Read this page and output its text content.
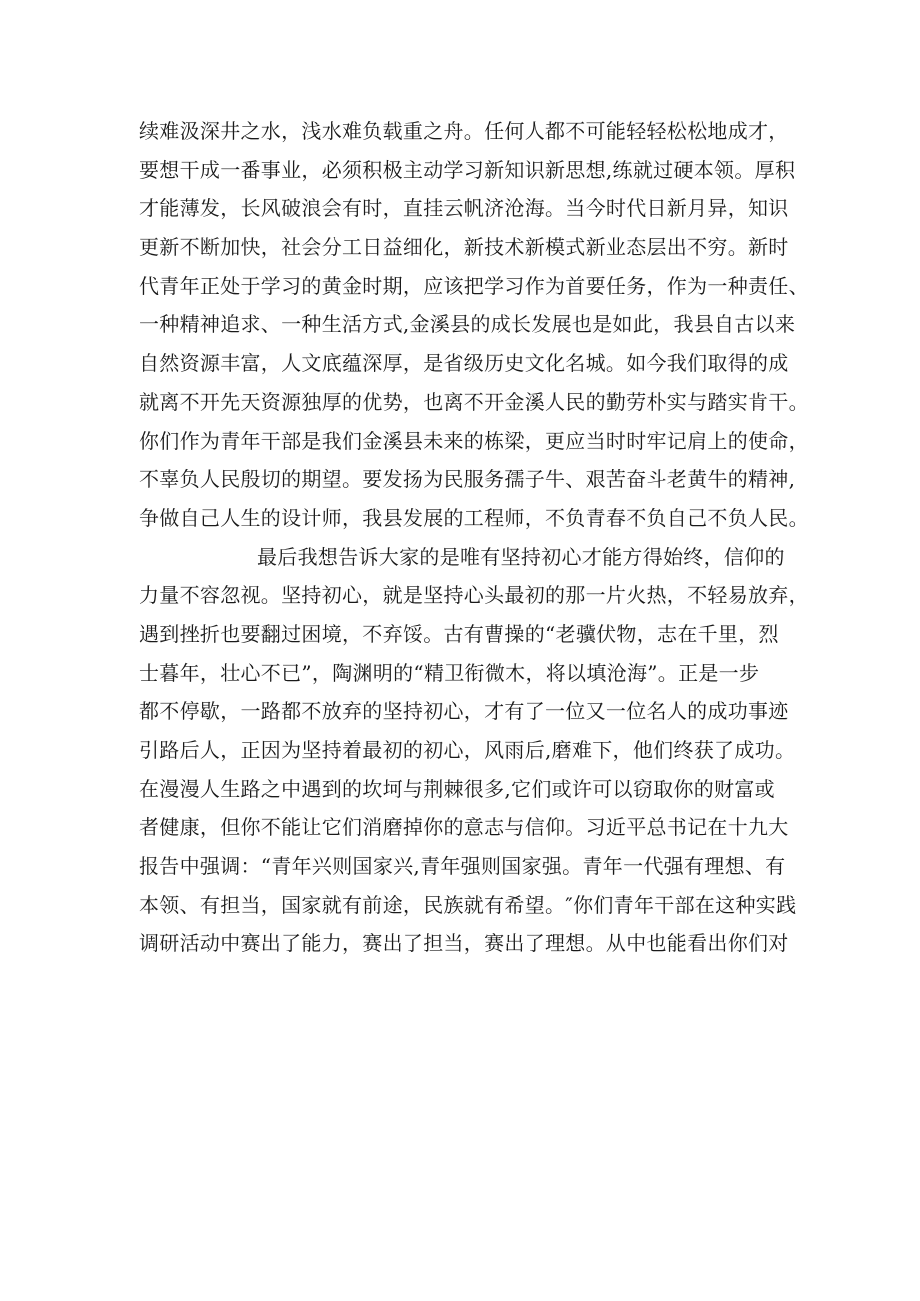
续难汲深井之水，浅水难负载重之舟。任何人都不可能轻轻松松地成才，
要想干成一番事业，必须积极主动学习新知识新思想,练就过硬本领。厚积
才能薄发，长风破浪会有时，直挂云帆济沧海。当今时代日新月异，知识
更新不断加快，社会分工日益细化，新技术新模式新业态层出不穷。新时
代青年正处于学习的黄金时期，应该把学习作为首要任务，作为一种责任、
一种精神追求、一种生活方式,金溪县的成长发展也是如此，我县自古以来
自然资源丰富，人文底蕴深厚，是省级历史文化名城。如今我们取得的成
就离不开先天资源独厚的优势，也离不开金溪人民的勤劳朴实与踏实肯干。
你们作为青年干部是我们金溪县未来的栋梁，更应当时时牢记肩上的使命，
不辜负人民殷切的期望。要发扬为民服务孺子牛、艰苦奋斗老黄牛的精神,
争做自己人生的设计师，我县发展的工程师，不负青春不负自己不负人民。
最后我想告诉大家的是唯有坚持初心才能方得始终，信仰的
力量不容忽视。坚持初心，就是坚持心头最初的那一片火热，不轻易放弃，
遇到挫折也要翻过困境，不弃馁。古有曹操的“老骥伏物，志在千里，烈
士暮年，壮心不已”，陶渊明的“精卫衔微木，将以填沧海”。正是一步
都不停歇，一路都不放弃的坚持初心，才有了一位又一位名人的成功事迹
引路后人，正因为坚持着最初的初心，风雨后,磨难下，他们终获了成功。
在漫漫人生路之中遇到的坎坷与荆棘很多,它们或许可以窃取你的财富或
者健康，但你不能让它们消磨掉你的意志与信仰。习近平总书记在十九大
报告中强调：“青年兴则国家兴,青年强则国家强。青年一代强有理想、有
本领、有担当，国家就有前途，民族就有希望。″你们青年干部在这种实践
调研活动中赛出了能力，赛出了担当，赛出了理想。从中也能看出你们对
